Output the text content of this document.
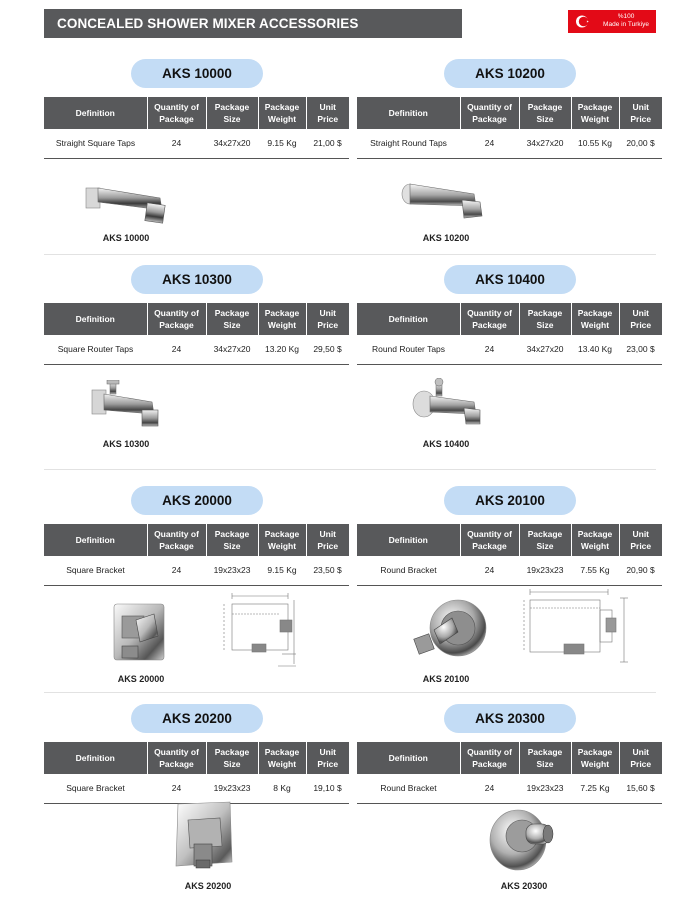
CONCEALED SHOWER MIXER ACCESSORIES	%100
Made in Turkiye
AKS 10000
Definition	Quantity of Package	Package Size	Package Weight	Unit Price
Straight Square Taps	24	34x27x20	9.15 Kg	21,00 $
AKS 10200
Definition	Quantity of Package	Package Size	Package Weight	Unit Price
Straight Round Taps	24	34x27x20	10.55 Kg	20,00 $
AKS 10000	AKS 10200
AKS 10300
Definition	Quantity of Package	Package Size	Package Weight	Unit Price
Square Router Taps	24	34x27x20	13.20 Kg	29,50 $
AKS 10400
Definition	Quantity of Package	Package Size	Package Weight	Unit Price
Round Router Taps	24	34x27x20	13.40 Kg	23,00 $
AKS 10300	AKS 10400
AKS 20000
Definition	Quantity of Package	Package Size	Package Weight	Unit Price
Square Bracket	24	19x23x23	9.15 Kg	23,50 $
AKS 20100
Definition	Quantity of Package	Package Size	Package Weight	Unit Price
Round Bracket	24	19x23x23	7.55 Kg	20,90 $
AKS 20000	AKS 20100
AKS 20200
Definition	Quantity of Package	Package Size	Package Weight	Unit Price
Square Bracket	24	19x23x23	8 Kg	19,10 $
AKS 20300
Definition	Quantity of Package	Package Size	Package Weight	Unit Price
Round Bracket	24	19x23x23	7.25 Kg	15,60 $
AKS 20200	AKS 20300
